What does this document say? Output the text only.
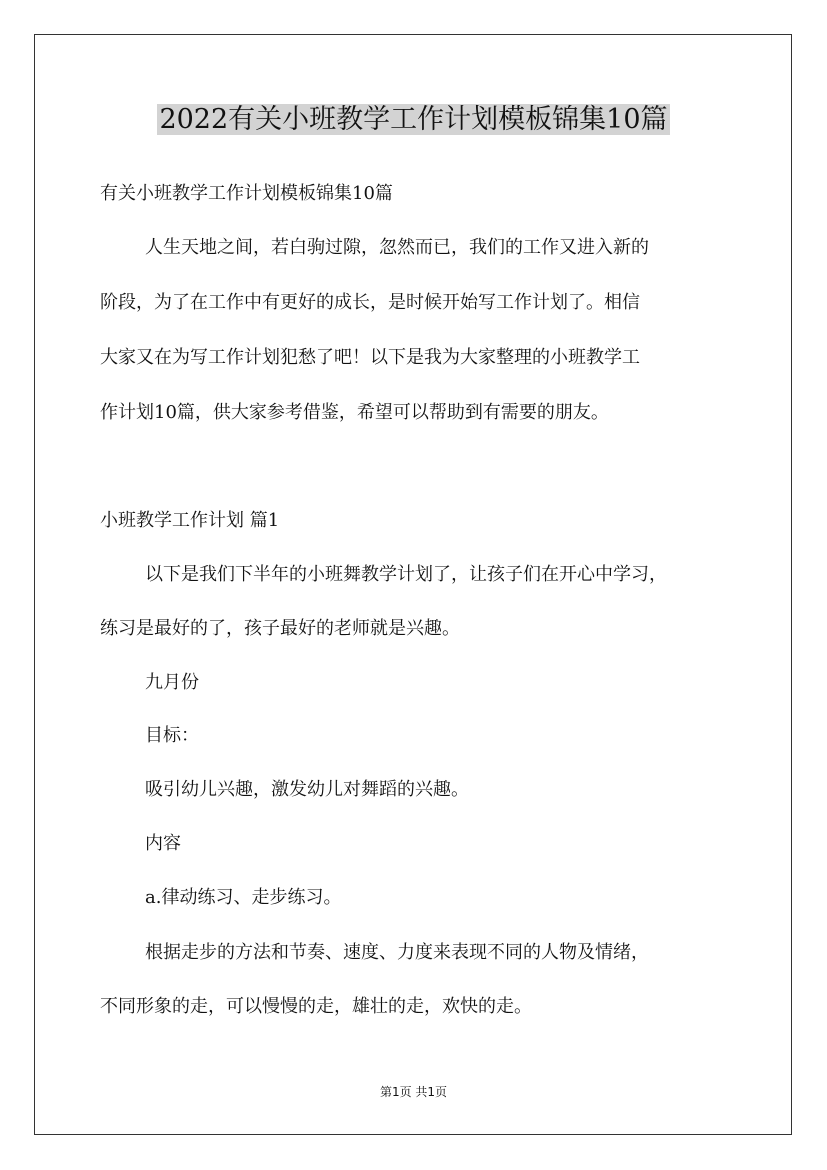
2022有关小班教学工作计划模板锦集10篇

有关小班教学工作计划模板锦集10篇

人生天地之间，若白驹过隙，忽然而已，我们的工作又进入新的

阶段，为了在工作中有更好的成长，是时候开始写工作计划了。相信

大家又在为写工作计划犯愁了吧！以下是我为大家整理的小班教学工

作计划10篇，供大家参考借鉴，希望可以帮助到有需要的朋友。

小班教学工作计划 篇1

以下是我们下半年的小班舞教学计划了，让孩子们在开心中学习，

练习是最好的了，孩子最好的老师就是兴趣。

九月份

目标：

吸引幼儿兴趣，激发幼儿对舞蹈的兴趣。

内容

a.律动练习、走步练习。

根据走步的方法和节奏、速度、力度来表现不同的人物及情绪，

不同形象的走，可以慢慢的走，雄壮的走，欢快的走。

第1页 共1页
